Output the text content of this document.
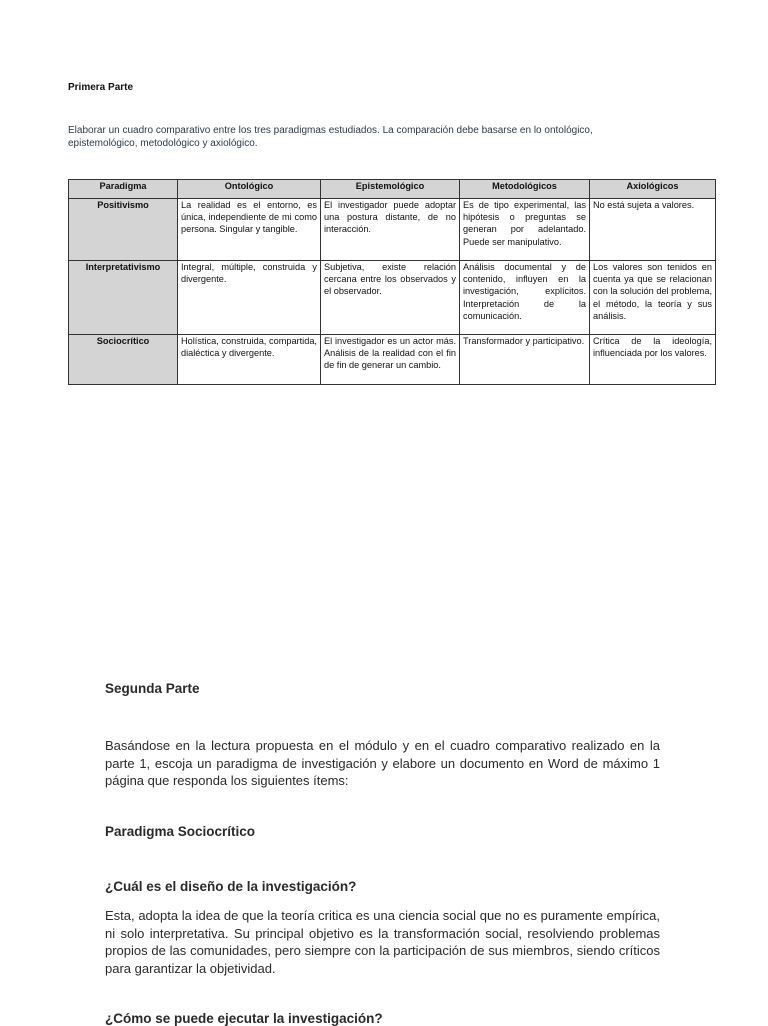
Primera Parte
Elaborar un cuadro comparativo entre los tres paradigmas estudiados. La comparación debe basarse en lo ontológico, epistemológico, metodológico y axiológico.
Paradigma	Ontológico	Epistemológico	Metodológicos	Axiológicos
Positivismo	La realidad es el entorno, es única, independiente de mi como persona. Singular y tangible.	El investigador puede adoptar una postura distante, de no interacción.	Es de tipo experimental, las hipótesis o preguntas se generan por adelantado. Puede ser manipulativo.	No está sujeta a valores.
Interpretativismo	Integral, múltiple, construida y divergente.	Subjetiva, existe relación cercana entre los observados y el observador.	Análisis documental y de contenido, influyen en la investigación, explícitos. Interpretación de la comunicación.	Los valores son tenidos en cuenta ya que se relacionan con la solución del problema, el método, la teoría y sus análisis.
Sociocrítico	Holística, construida, compartida, dialéctica y divergente.	El investigador es un actor más. Análisis de la realidad con el fin de fin de generar un cambio.	Transformador y participativo.	Crítica de la ideología, influenciada por los valores.
Segunda Parte
Basándose en la lectura propuesta en el módulo y en el cuadro comparativo realizado en la parte 1, escoja un paradigma de investigación y elabore un documento en Word de máximo 1 página que responda los siguientes ítems:
Paradigma Sociocrítico
¿Cuál es el diseño de la investigación?
Esta, adopta la idea de que la teoría critica es una ciencia social que no es puramente empírica, ni solo interpretativa. Su principal objetivo es la transformación social, resolviendo problemas propios de las comunidades, pero siempre con la participación de sus miembros, siendo críticos para garantizar la objetividad.
¿Cómo se puede ejecutar la investigación?
